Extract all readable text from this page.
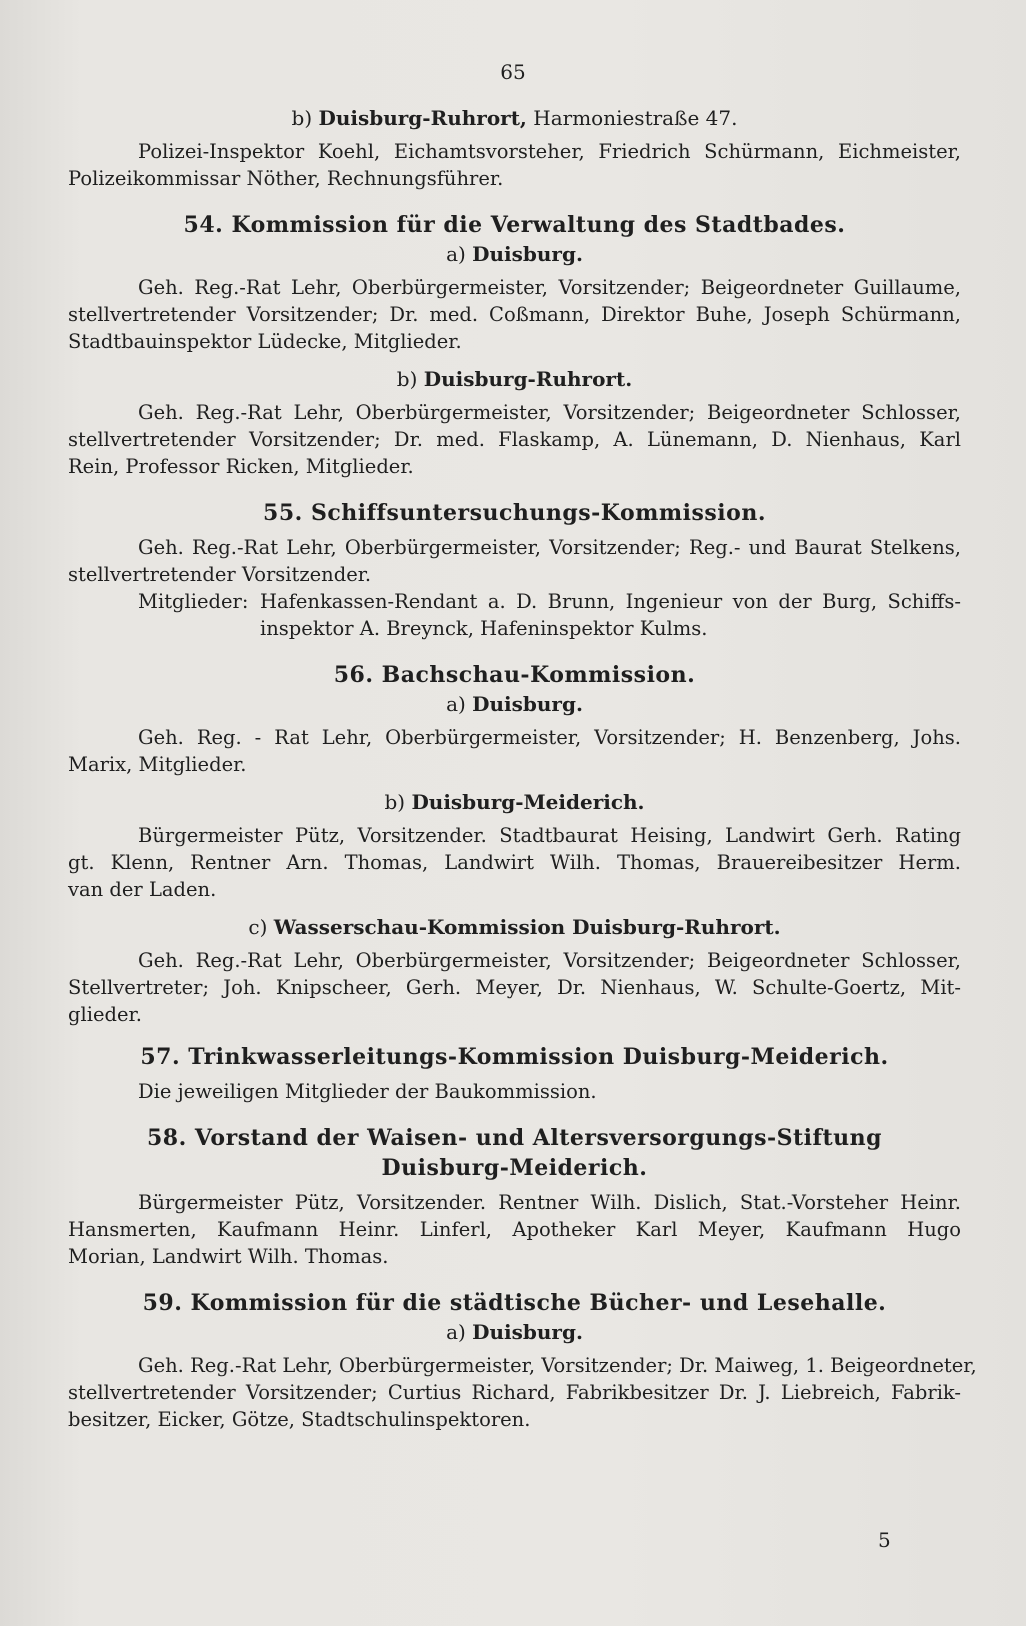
65
b) Duisburg-Ruhrort, Harmoniestraße 47.
Polizei-Inspektor Koehl, Eichamtsvorsteher, Friedrich Schürmann, Eichmeister,
Polizeikommissar Nöther, Rechnungsführer.
54. Kommission für die Verwaltung des Stadtbades.
a) Duisburg.
Geh. Reg.-Rat Lehr, Oberbürgermeister, Vorsitzender; Beigeordneter Guillaume,
stellvertretender Vorsitzender; Dr. med. Coßmann, Direktor Buhe, Joseph Schürmann,
Stadtbauinspektor Lüdecke, Mitglieder.
b) Duisburg-Ruhrort.
Geh. Reg.-Rat Lehr, Oberbürgermeister, Vorsitzender; Beigeordneter Schlosser,
stellvertretender Vorsitzender; Dr. med. Flaskamp, A. Lünemann, D. Nienhaus, Karl
Rein, Professor Ricken, Mitglieder.
55. Schiffsuntersuchungs-Kommission.
Geh. Reg.-Rat Lehr, Oberbürgermeister, Vorsitzender; Reg.- und Baurat Stelkens,
stellvertretender Vorsitzender.
Mitglieder: Hafenkassen-Rendant a. D. Brunn, Ingenieur von der Burg, Schiffs-
inspektor A. Breynck, Hafeninspektor Kulms.
56. Bachschau-Kommission.
a) Duisburg.
Geh. Reg. - Rat Lehr, Oberbürgermeister, Vorsitzender; H. Benzenberg, Johs.
Marix, Mitglieder.
b) Duisburg-Meiderich.
Bürgermeister Pütz, Vorsitzender. Stadtbaurat Heising, Landwirt Gerh. Rating
gt. Klenn, Rentner Arn. Thomas, Landwirt Wilh. Thomas, Brauereibesitzer Herm.
van der Laden.
c) Wasserschau-Kommission Duisburg-Ruhrort.
Geh. Reg.-Rat Lehr, Oberbürgermeister, Vorsitzender; Beigeordneter Schlosser,
Stellvertreter; Joh. Knipscheer, Gerh. Meyer, Dr. Nienhaus, W. Schulte-Goertz, Mit-
glieder.
57. Trinkwasserleitungs-Kommission Duisburg-Meiderich.
Die jeweiligen Mitglieder der Baukommission.
58. Vorstand der Waisen- und Altersversorgungs-Stiftung
Duisburg-Meiderich.
Bürgermeister Pütz, Vorsitzender. Rentner Wilh. Dislich, Stat.-Vorsteher Heinr.
Hansmerten, Kaufmann Heinr. Linferl, Apotheker Karl Meyer, Kaufmann Hugo
Morian, Landwirt Wilh. Thomas.
59. Kommission für die städtische Bücher- und Lesehalle.
a) Duisburg.
Geh. Reg.-Rat Lehr, Oberbürgermeister, Vorsitzender; Dr. Maiweg, 1. Beigeordneter,
stellvertretender Vorsitzender; Curtius Richard, Fabrikbesitzer Dr. J. Liebreich, Fabrik-
besitzer, Eicker, Götze, Stadtschulinspektoren.
5
